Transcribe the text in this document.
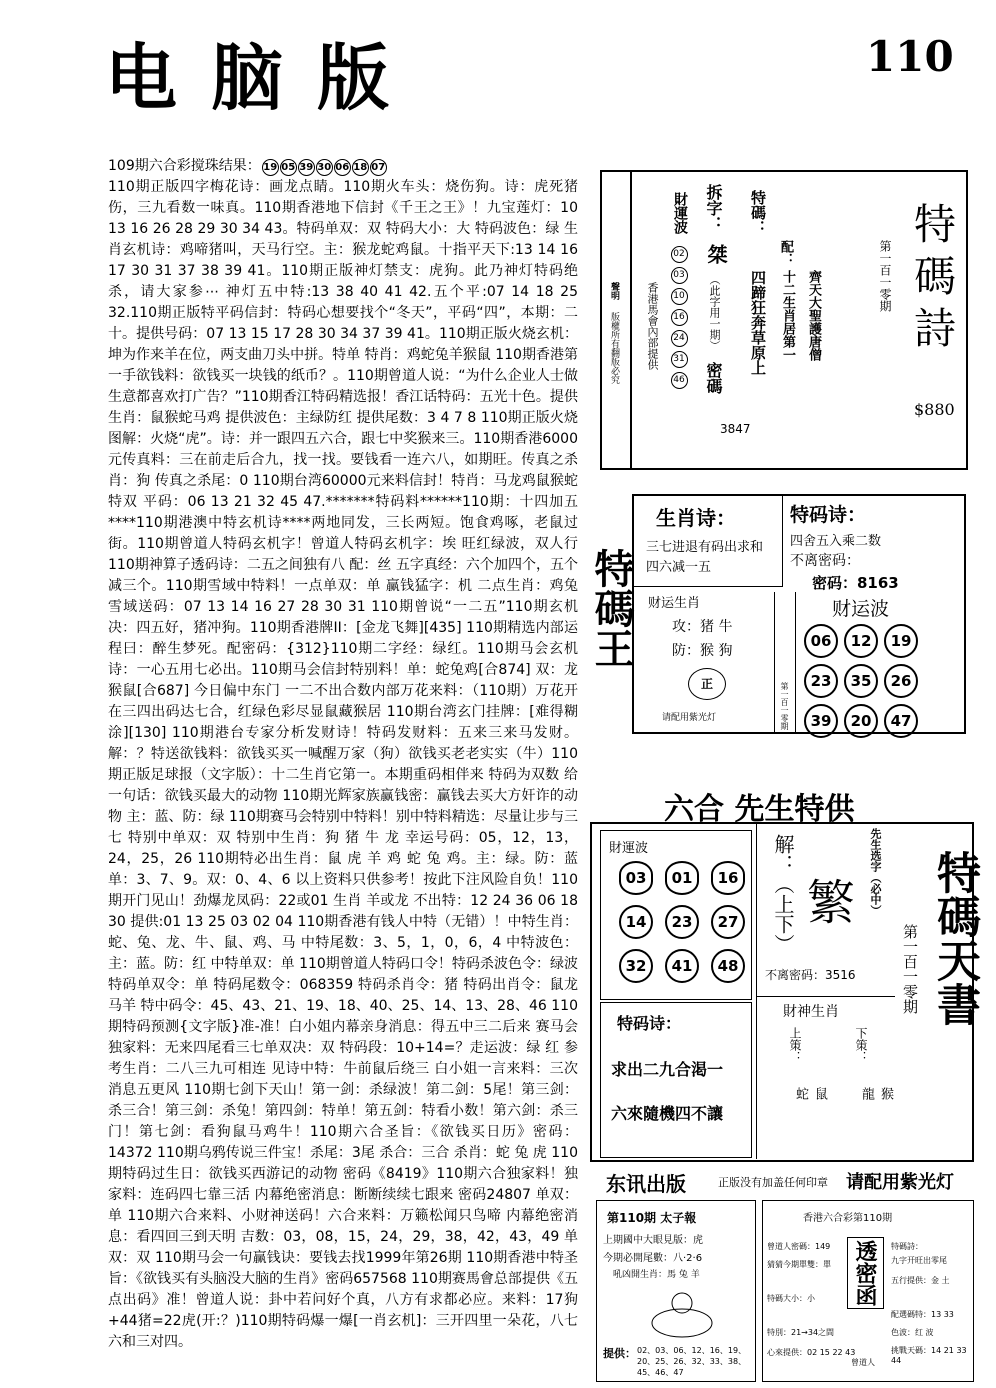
电脑版	110

109期六合彩搅珠结果： 19 05 39 30 06 18 07

110期正版四字梅花诗：画龙点睛。110期火车头：烧伤狗。诗：虎死猪伤，三九看数一味真。110期香港地下信封《千王之王》！九宝莲灯：10 13 16 26 28 29 30 34 43。特码单双：双 特码大小：大 特码波色：绿 生肖玄机诗：鸡啼猪叫，天马行空。主：猴龙蛇鸡鼠。十指平天下:13 14 16 17 30 31 37 38 39 41。110期正版神灯禁支：虎狗。此乃神灯特码绝杀，请大家参⋯ 神灯五中特:13 38 40 41 42.五个平:07 14 18 25 32.110期正版特平码信封：特码心想要找个“冬天”，平码“四”，本期：二十。提供号码：07 13 15 17 28 30 34 37 39 41。110期正版火烧玄机：坤为作来羊在位，两支曲刀头中拼。特单 特肖：鸡蛇兔羊猴鼠 110期香港第一手欲钱料：欲钱买一块钱的纸币？。110期曾道人说：“为什么企业人士做生意都喜欢打广告？”110期香江特码精选报！香江话特码：五光十色。提供生肖：鼠猴蛇马鸡 提供波色：主绿防红 提供尾数：3 4 7 8 110期正版火烧图解：火烧“虎”。诗：并一跟四五六合，跟七中奖猴来三。110期香港6000元传真料：三在前走后合九，找一找。要钱看一连六八，如期旺。传真之杀肖：狗 传真之杀尾：0 110期台湾60000元来料信封！特肖：马龙鸡鼠猴蛇 特双 平码：06 13 21 32 45 47.*******特码料******110期：十四加五****110期港澳中特玄机诗****两地同发，三长两短。饱食鸡啄，老鼠过街。110期曾道人特码玄机字！曾道人特码玄机字：埃 旺红绿波，双人行 110期神算子透码诗：二五之间独有八 配：丝 五字真经：六个加四个，五个减三个。110期雪域中特料！一点单双：单 赢钱猛字：机 二点生肖：鸡兔 雪域送码：07 13 14 16 27 28 30 31 110期曾说“一二五”110期玄机决：四五好，猪冲狗。110期香港牌II：[金龙飞舞][435] 110期精选内部运程曰：醉生梦死。配密码：{312}110期二字经：绿红。110期马会玄机诗：一心五用七必出。110期马会信封特别料！单：蛇兔鸡[合874] 双：龙猴鼠[合687] 今日偏中东门 一二不出合数内部万花来料：（110期）万花开在三四出码达七合，红绿色彩尽显鼠藏猴居 110期台湾玄门挂牌：[难得糊涂][130] 110期港台专家分析发财诗！特码发财料：五来三来马发财。解：？特送欲钱料：欲钱买买一喊醒万家（狗）欲钱买老老实实（牛）110期正版足球报（文字版）：十二生肖它第一。本期重码相伴来 特码为双数 给一句话：欲钱买最大的动物 110期光辉家族赢钱密：赢钱去买大方奸诈的动物 主：蓝、防：绿 110期赛马会特别中特料！别中特料精选：尽量让步与三七 特别中单双：双 特别中生肖：狗 猪 牛 龙 幸运号码：05，12，13，24，25，26 110期特必出生肖：鼠 虎 羊 鸡 蛇 兔 鸡。主：绿。防：蓝 单：3、7、9。双：0、4、6 以上资料只供参考！按此下注风险自负！110期开门见山！劲爆龙凤码：22或01 生肖 羊或龙 不出特：12 24 36 06 18 30 提供:01 13 25 03 02 04 110期香港有钱人中特（无错）！中特生肖：蛇、兔、龙、牛、鼠、鸡、马 中特尾数：3、5，1，0，6，4 中特波色：主：蓝。防：红 中特单双：单 110期曾道人特码口令！特码杀波色令：绿波 特码单双令：单 特码尾数令：068359 特码杀肖令：猪 特码出肖令：鼠龙马羊 特中码令：45、43、21、19、18、40、25、14、13、28、46 110期特码预测{文字版}准-准！白小姐内幕亲身消息：得五中三二后来 赛马会独家料：无来四尾看三七单双决：双 特码段：10+14=？走运波：绿 红 参考生肖：二八三九可相连 见诗中特：牛前鼠后绕三 白小姐一言来料：三次消息五更风 110期七剑下天山！第一剑：杀绿波！第二剑：5尾！第三剑：杀三合！第三剑：杀兔！第四剑：特单！第五剑：特看小数！第六剑：杀三门！第七剑：看狗鼠马鸡牛！110期六合圣旨：《欲钱买日历》密码：14372 110期乌鸦传说三件宝！杀尾：3尾 杀合：三合 杀肖：蛇 兔 虎 110期特码过生日：欲钱买西游记的动物 密码《8419》110期六合独家料！独家料：连码四七靠三活 内幕绝密消息：断断续续七跟来 密码24807 单双：单 110期六合来料、小财神送码！六合来料：万籁松闻只鸟啼 内幕绝密消息：看四回三到天明 吉数：03，08，15，24，29，38，42，43，49 单双：双 110期马会一句赢钱诀：要钱去找1999年第26期 110期香港中特圣旨：《欲钱买有头脑没大脑的生肖》密码657568 110期赛馬會总部提供《五点出码》准！曾道人说：卦中若问好个真，八方有求都必应。来料：17狗+44猪=22虎(开:？)110期特码爆一爆[一肖玄机]：三开四里一朵花，八七六和三对四。

聲明
版權所有翻版必究 香港馬會內部提供
財運波
02
03
10
16
24
31
46
拆字：
桀
（此字用一期）
密碼
3847
特碼：
四蹄狂奔草原上
配：
十二生肖居第一 齊天大聖護唐僧	第一百一零期 特碼詩
$880
特碼王
生肖诗：
三七进退有码出求和四六减一五
特码诗：
四舍五入乘二数
不离密码：
密码：8163
财运生肖
攻：猪 牛
防：猴 狗
正
请配用紫光灯	第一百一零期
财运波
06	12	19
23	35	26
39	20	47
六合 先生特供
財運波
03	01	16
14	23	27
32	41	48
解：（上下） 繁 先生选字（必中）
不离密码：3516
特码诗：
求出二九合渇一
六來隨機四不讓
財神生肖
上策：	下策：
鼠 蛇	猴 龍
特碼天書
第一百一零期
东讯出版	正版没有加盖任何印章 请配用紫光灯
第110期 太子報
上期國中大眼見版：虎
今期必開尾數：八·2·6
吼凶開生肖：馬 兔 羊
提供： 02、03、06、12、16、19、20、25、26、32、33、38、45、46、47
香港六合彩第110期
曾道人密碼：149
猜猜今期單雙：單
特碼大小：小
特別：21→34之間
心來提供：02 15 22 43
透密函
曾道人
特碼詩：
九字开旺出零尾
五行提供：金 土
配選碼特：13 33
色波：红 波
挑戰天碼：14 21 33 44
